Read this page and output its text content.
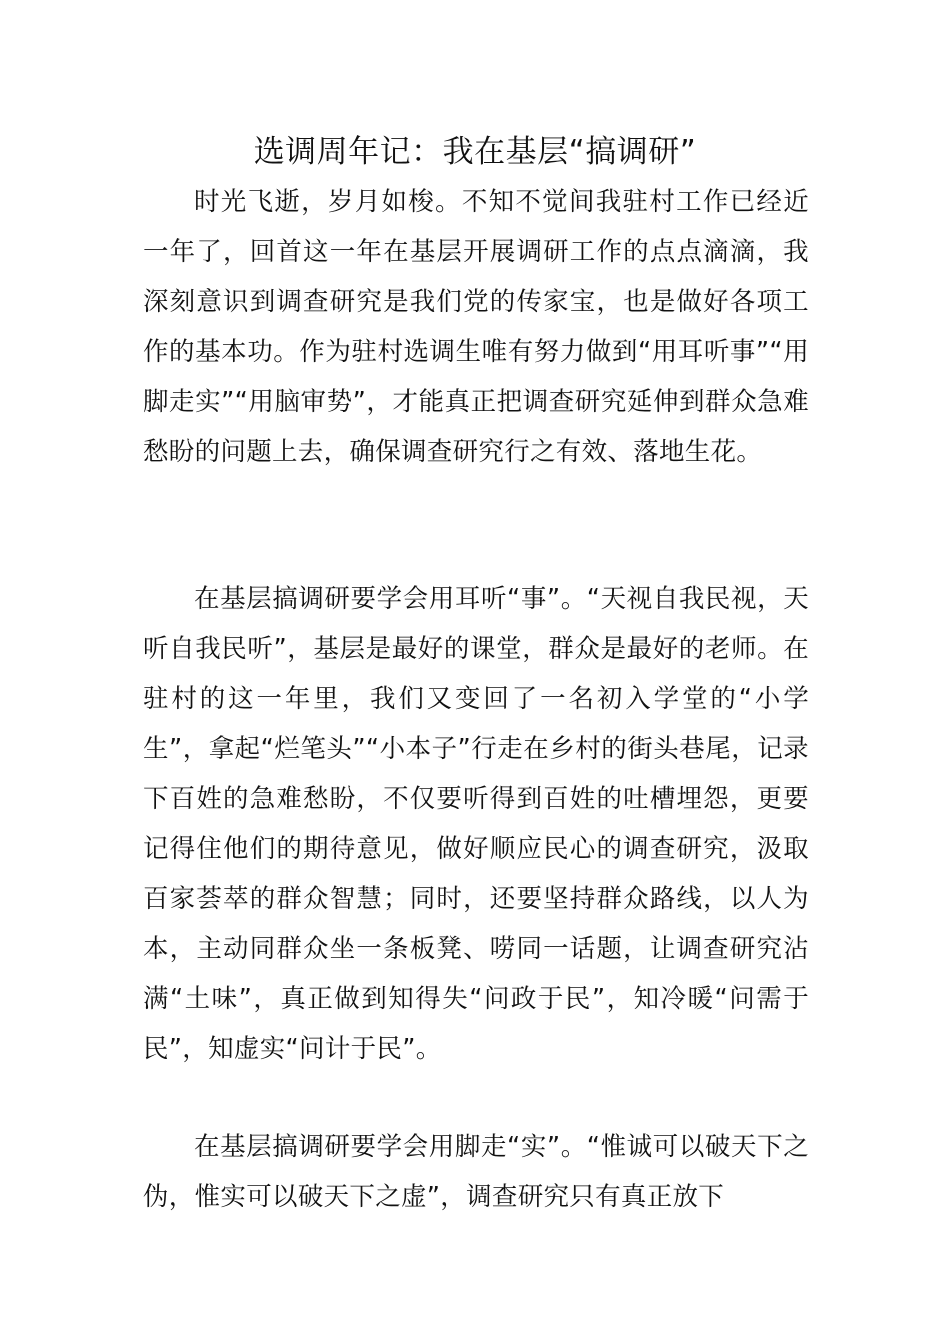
选调周年记：我在基层“搞调研”

时光飞逝，岁月如梭。不知不觉间我驻村工作已经近一年了，回首这一年在基层开展调研工作的点点滴滴，我深刻意识到调查研究是我们党的传家宝，也是做好各项工作的基本功。作为驻村选调生唯有努力做到“用耳听事”“用脚走实”“用脑审势”，才能真正把调查研究延伸到群众急难愁盼的问题上去，确保调查研究行之有效、落地生花。

在基层搞调研要学会用耳听“事”。“天视自我民视，天听自我民听”，基层是最好的课堂，群众是最好的老师。在驻村的这一年里，我们又变回了一名初入学堂的“小学生”，拿起“烂笔头”“小本子”行走在乡村的街头巷尾，记录下百姓的急难愁盼，不仅要听得到百姓的吐槽埋怨，更要记得住他们的期待意见，做好顺应民心的调查研究，汲取百家荟萃的群众智慧；同时，还要坚持群众路线，以人为本，主动同群众坐一条板凳、唠同一话题，让调查研究沾满“土味”，真正做到知得失“问政于民”，知冷暖“问需于民”，知虚实“问计于民”。

在基层搞调研要学会用脚走“实”。“惟诚可以破天下之伪，惟实可以破天下之虚”，调查研究只有真正放下
